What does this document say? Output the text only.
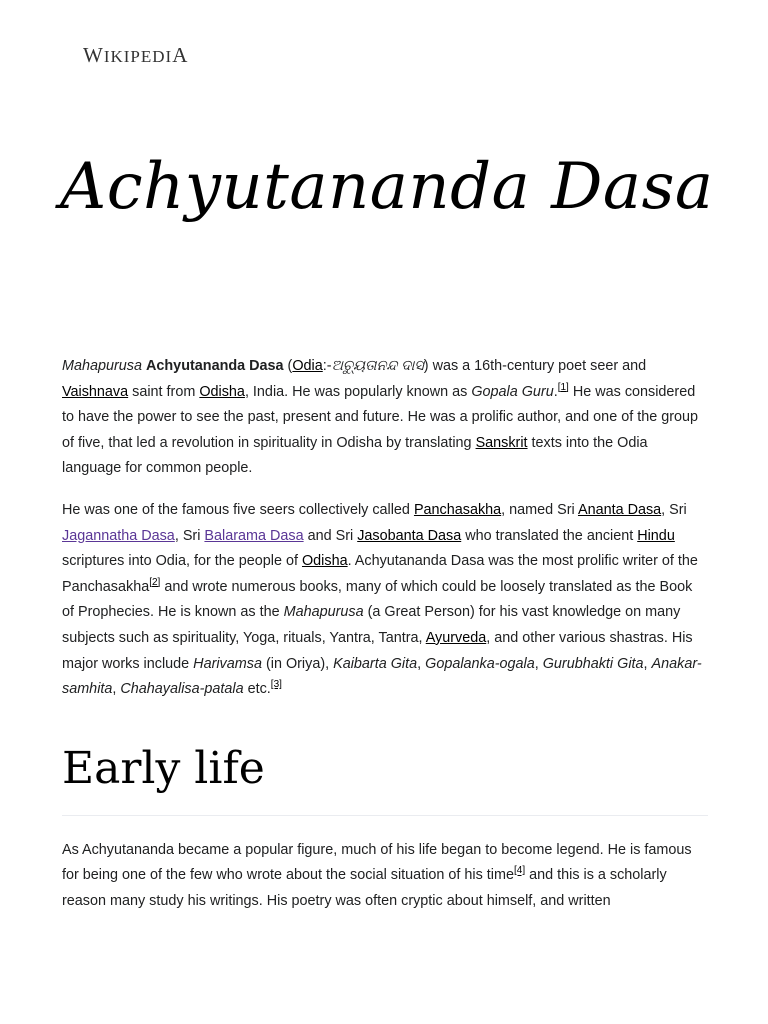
WIKIPEDIA
Achyutananda Dasa

Mahapurusa Achyutananda Dasa (Odia:-ଅଚ୍ୟୁତାନନ୍ଦ ଦାସ) was a 16th-century poet seer and Vaishnava saint from Odisha, India. He was popularly known as Gopala Guru.[1] He was considered to have the power to see the past, present and future. He was a prolific author, and one of the group of five, that led a revolution in spirituality in Odisha by translating Sanskrit texts into the Odia language for common people.

He was one of the famous five seers collectively called Panchasakha, named Sri Ananta Dasa, Sri Jagannatha Dasa, Sri Balarama Dasa and Sri Jasobanta Dasa who translated the ancient Hindu scriptures into Odia, for the people of Odisha. Achyutananda Dasa was the most prolific writer of the Panchasakha[2] and wrote numerous books, many of which could be loosely translated as the Book of Prophecies. He is known as the Mahapurusa (a Great Person) for his vast knowledge on many subjects such as spirituality, Yoga, rituals, Yantra, Tantra, Ayurveda, and other various shastras. His major works include Harivamsa (in Oriya), Kaibarta Gita, Gopalanka-ogala, Gurubhakti Gita, Anakar-samhita, Chahayalisa-patala etc.[3]

Early life

As Achyutananda became a popular figure, much of his life began to become legend. He is famous for being one of the few who wrote about the social situation of his time[4] and this is a scholarly reason many study his writings. His poetry was often cryptic about himself, and written
